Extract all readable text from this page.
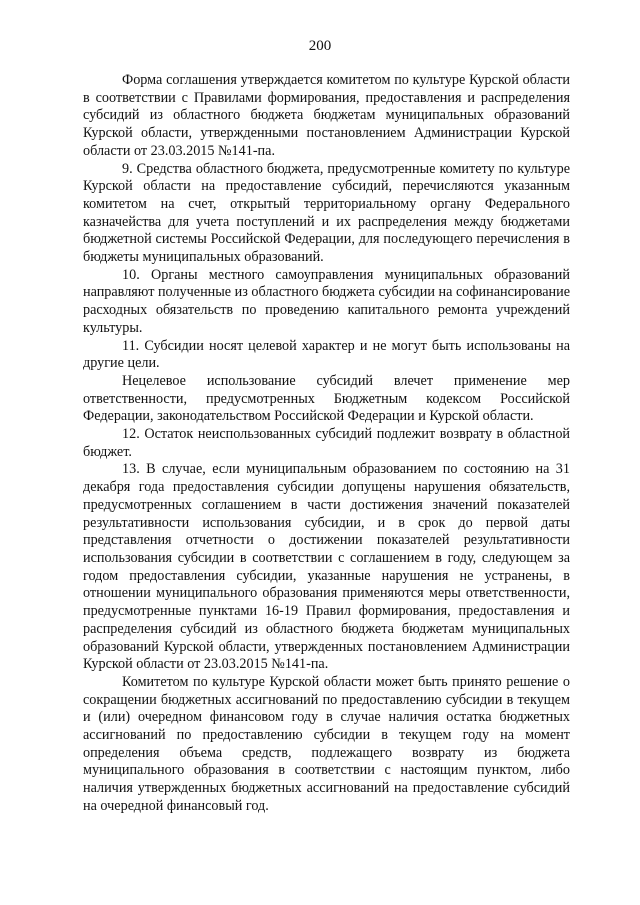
200

Форма соглашения утверждается комитетом по культуре Курской области в соответствии с Правилами формирования, предоставления и распределения субсидий из областного бюджета бюджетам муниципальных образований Курской области, утвержденными постановлением Администрации Курской области от 23.03.2015 №141-па.

9. Средства областного бюджета, предусмотренные комитету по культуре Курской области на предоставление субсидий, перечисляются указанным комитетом на счет, открытый территориальному органу Федерального казначейства для учета поступлений и их распределения между бюджетами бюджетной системы Российской Федерации, для последующего перечисления в бюджеты муниципальных образований.

10. Органы местного самоуправления муниципальных образований направляют полученные из областного бюджета субсидии на софинансирование расходных обязательств по проведению капитального ремонта учреждений культуры.

11. Субсидии носят целевой характер и не могут быть использованы на другие цели.

Нецелевое использование субсидий влечет применение мер ответственности, предусмотренных Бюджетным кодексом Российской Федерации, законодательством Российской Федерации и Курской области.

12. Остаток неиспользованных субсидий подлежит возврату в областной бюджет.

13. В случае, если муниципальным образованием по состоянию на 31 декабря года предоставления субсидии допущены нарушения обязательств, предусмотренных соглашением в части достижения значений показателей результативности использования субсидии, и в срок до первой даты представления отчетности о достижении показателей результативности использования субсидии в соответствии с соглашением в году, следующем за годом предоставления субсидии, указанные нарушения не устранены, в отношении муниципального образования применяются меры ответственности, предусмотренные пунктами 16-19 Правил формирования, предоставления и распределения субсидий из областного бюджета бюджетам муниципальных образований Курской области, утвержденных постановлением Администрации Курской области от 23.03.2015 №141-па.

Комитетом по культуре Курской области может быть принято решение о сокращении бюджетных ассигнований по предоставлению субсидии в текущем и (или) очередном финансовом году в случае наличия остатка бюджетных ассигнований по предоставлению субсидии в текущем году на момент определения объема средств, подлежащего возврату из бюджета муниципального образования в соответствии с настоящим пунктом, либо наличия утвержденных бюджетных ассигнований на предоставление субсидий на очередной финансовый год.
